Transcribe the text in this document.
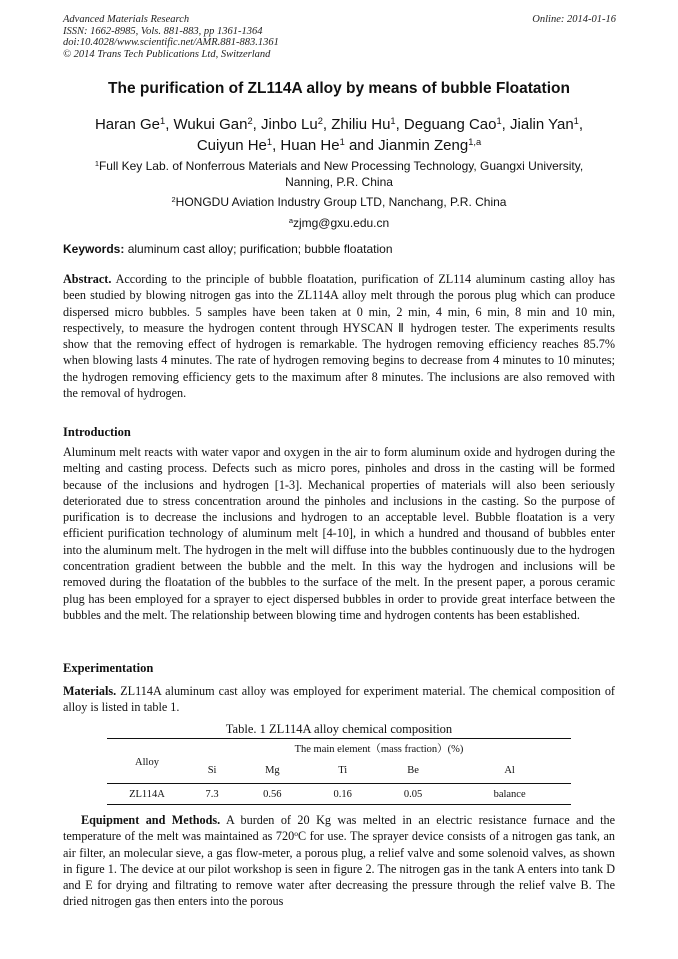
Advanced Materials Research
ISSN: 1662-8985, Vols. 881-883, pp 1361-1364
doi:10.4028/www.scientific.net/AMR.881-883.1361
© 2014 Trans Tech Publications Ltd, Switzerland
Online: 2014-01-16
The purification of ZL114A alloy by means of bubble Floatation
Haran Ge$^1$, Wukui Gan$^2$, Jinbo Lu$^2$, Zhiliu Hu$^1$, Deguang Cao$^1$, Jialin Yan$^1$,
Cuiyun He$^1$, Huan He$^1$ and Jianmin Zeng$^{1,a}$
$^1$Full Key Lab. of Nonferrous Materials and New Processing Technology, Guangxi University,
Nanning, P.R. China
$^2$HONGDU Aviation Industry Group LTD, Nanchang, P.R. China
$^a$zjmg@gxu.edu.cn
Keywords: aluminum cast alloy; purification; bubble floatation
Abstract. According to the principle of bubble floatation, purification of ZL114 aluminum casting alloy has been studied by blowing nitrogen gas into the ZL114A alloy melt through the porous plug which can produce dispersed micro bubbles. 5 samples have been taken at 0 min, 2 min, 4 min, 6 min, 8 min and 10 min, respectively, to measure the hydrogen content through HYSCAN Ⅱ hydrogen tester. The experiments results show that the removing effect of hydrogen is remarkable. The hydrogen removing efficiency reaches 85.7% when blowing lasts 4 minutes. The rate of hydrogen removing begins to decrease from 4 minutes to 10 minutes; the hydrogen removing efficiency gets to the maximum after 8 minutes. The inclusions are also removed with the removal of hydrogen.
Introduction
Aluminum melt reacts with water vapor and oxygen in the air to form aluminum oxide and hydrogen during the melting and casting process. Defects such as micro pores, pinholes and dross in the casting will be formed because of the inclusions and hydrogen [1-3]. Mechanical properties of materials will also been seriously deteriorated due to stress concentration around the pinholes and inclusions in the casting. So the purpose of purification is to decrease the inclusions and hydrogen to an acceptable level. Bubble floatation is a very efficient purification technology of aluminum melt [4-10], in which a hundred and thousand of bubbles enter into the aluminum melt. The hydrogen in the melt will diffuse into the bubbles continuously due to the hydrogen concentration gradient between the bubble and the melt. In this way the hydrogen and inclusions will be removed during the floatation of the bubbles to the surface of the melt. In the present paper, a porous ceramic plug has been employed for a sprayer to eject dispersed bubbles in order to provide great interface between the bubbles and the melt. The relationship between blowing time and hydrogen contents has been established.
Experimentation
Materials. ZL114A aluminum cast alloy was employed for experiment material. The chemical composition of alloy is listed in table 1.
Table. 1 ZL114A alloy chemical composition
Alloy	The main element（mass fraction）(%)				
	Si	Mg	Ti	Be	Al
ZL114A	7.3	0.56	0.16	0.05	balance
Equipment and Methods. A burden of 20 Kg was melted in an electric resistance furnace and the temperature of the melt was maintained as 720$^o$C for use. The sprayer device consists of a nitrogen gas tank, an air filter, an molecular sieve, a gas flow-meter, a porous plug, a relief valve and some solenoid valves, as shown in figure 1. The device at our pilot workshop is seen in figure 2. The nitrogen gas in the tank A enters into tank D and E for drying and filtrating to remove water after decreasing the pressure through the relief valve B. The dried nitrogen gas then enters into the porous
